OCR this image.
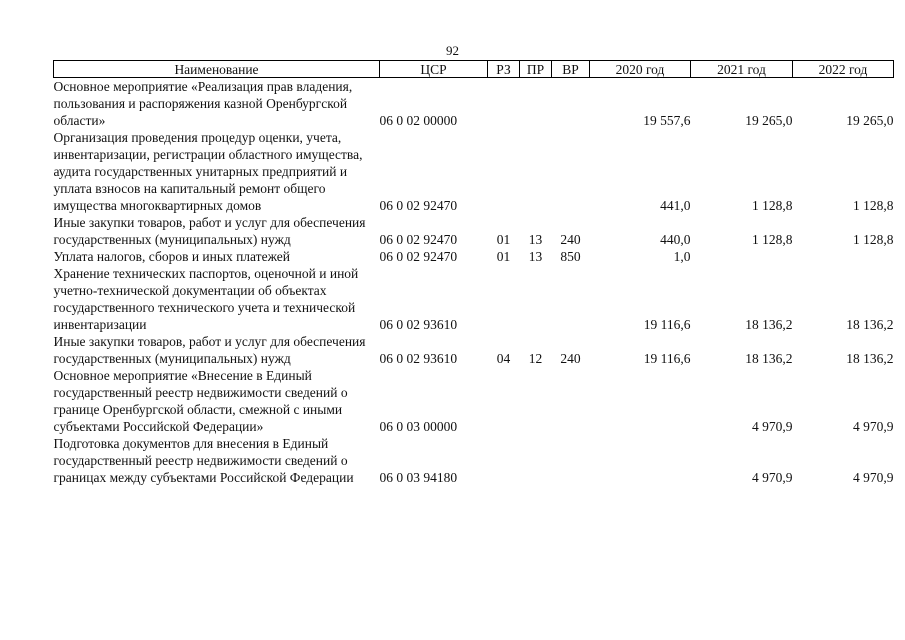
92
Наименование	ЦСР	РЗ	ПР	ВР	2020 год	2021 год	2022 год
Основное мероприятие «Реализация прав владения, пользования и распоряжения казной Оренбургской области»	06 0 02 00000				19 557,6	19 265,0	19 265,0
Организация проведения процедур оценки, учета, инвентаризации, регистрации областного имущества, аудита государственных унитарных предприятий и уплата взносов на капитальный ремонт общего имущества многоквартирных домов	06 0 02 92470				441,0	1 128,8	1 128,8
Иные закупки товаров, работ и услуг для обеспечения государственных (муниципальных) нужд	06 0 02 92470	01	13	240	440,0	1 128,8	1 128,8
Уплата налогов, сборов и иных платежей	06 0 02 92470	01	13	850	1,0		
Хранение технических паспортов, оценочной и иной учетно-технической документации об объектах государственного технического учета и технической инвентаризации	06 0 02 93610				19 116,6	18 136,2	18 136,2
Иные закупки товаров, работ и услуг для обеспечения государственных (муниципальных) нужд	06 0 02 93610	04	12	240	19 116,6	18 136,2	18 136,2
Основное мероприятие «Внесение в Единый государственный реестр недвижимости сведений о границе Оренбургской области, смежной с иными субъектами Российской Федерации»	06 0 03 00000					4 970,9	4 970,9
Подготовка документов для внесения в Единый государственный реестр недвижимости сведений о границах между субъектами Российской Федерации	06 0 03 94180					4 970,9	4 970,9
